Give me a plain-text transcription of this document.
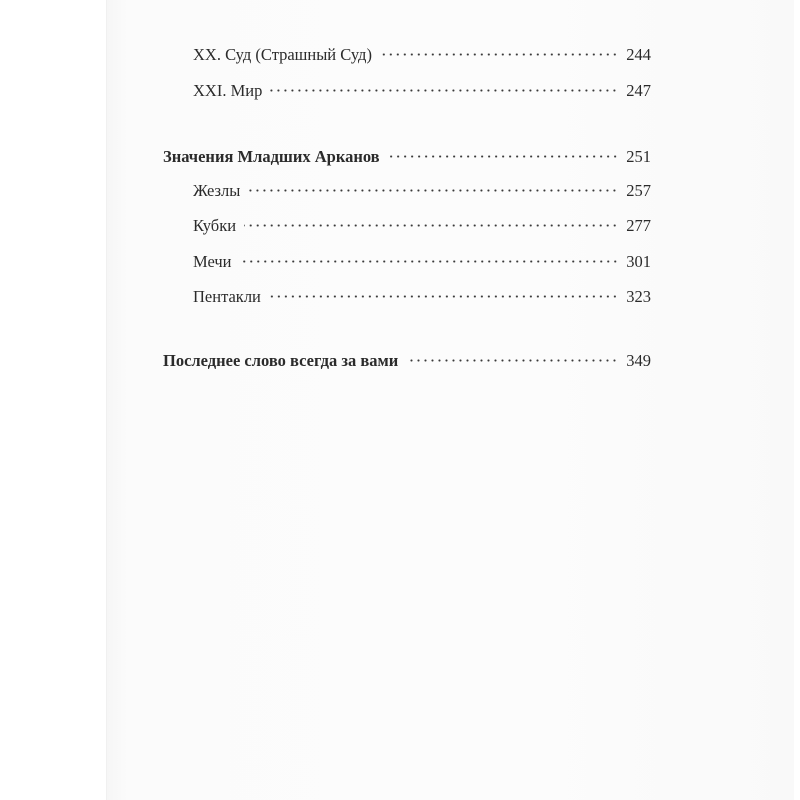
XX. Суд (Страшный Суд)	244
XXI. Мир	247
Значения Младших Арканов	251
Жезлы	257
Кубки	277
Мечи	301
Пентакли	323
Последнее слово всегда за вами	349
